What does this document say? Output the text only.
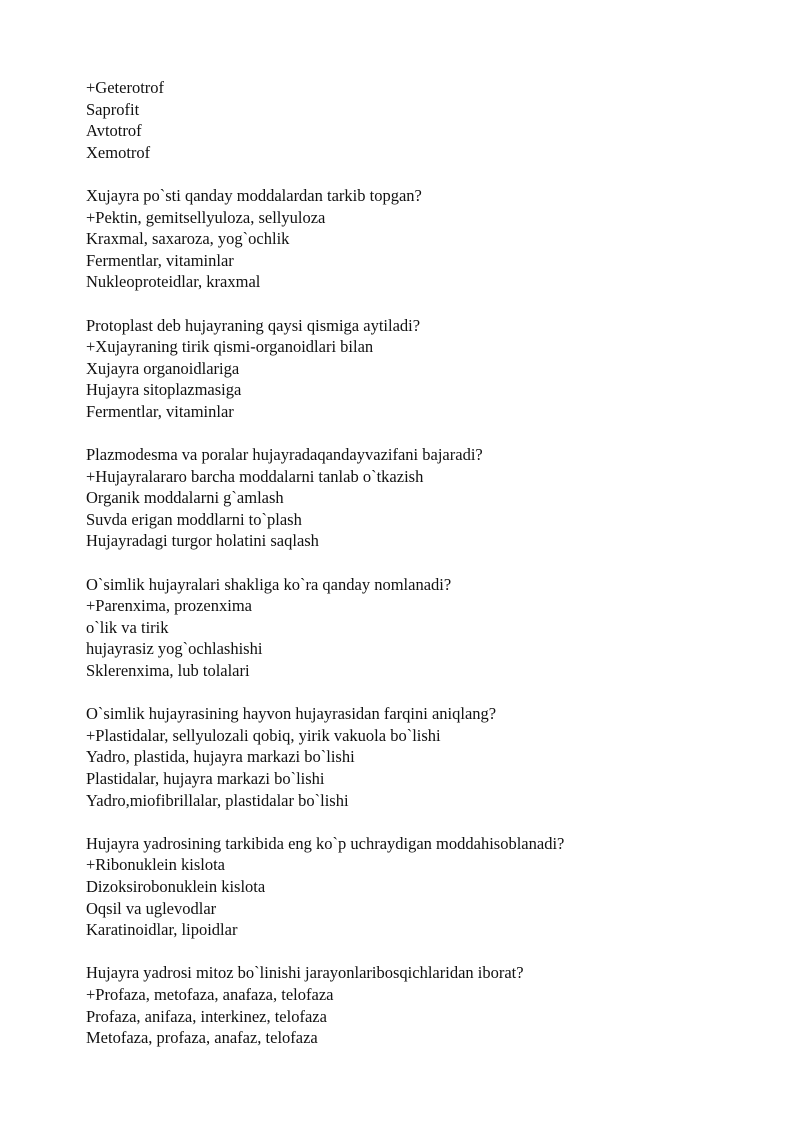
+Geterotrof
Saprofit
Avtotrof
Xemotrof
Xujayra po`sti qanday moddalardan tarkib topgan?
+Pektin, gemitsellyuloza, sellyuloza
Kraxmal, saxaroza, yog`ochlik
Fermentlar, vitaminlar
Nukleoproteidlar, kraxmal
Protoplast deb hujayraning qaysi qismiga aytiladi?
+Xujayraning tirik qismi-organoidlari bilan
Xujayra organoidlariga
Hujayra sitoplazmasiga
Fermentlar, vitaminlar
Plazmodesma va poralar hujayradaqandayvazifani bajaradi?
+Hujayralararo barcha moddalarni tanlab o`tkazish
Organik moddalarni g`amlash
Suvda erigan moddlarni to`plash
Hujayradagi turgor holatini saqlash
O`simlik hujayralari shakliga ko`ra qanday nomlanadi?
+Parenxima, prozenxima
o`lik va tirik
hujayrasiz yog`ochlashishi
Sklerenxima, lub tolalari
O`simlik hujayrasining hayvon hujayrasidan farqini aniqlang?
+Plastidalar, sellyulozali qobiq, yirik vakuola bo`lishi
Yadro, plastida, hujayra markazi bo`lishi
Plastidalar, hujayra markazi bo`lishi
Yadro,miofibrillalar, plastidalar bo`lishi
Hujayra yadrosining tarkibida eng ko`p uchraydigan moddahisoblanadi?
+Ribonuklein kislota
Dizoksirobonuklein kislota
Oqsil va uglevodlar
Karatinoidlar, lipoidlar
Hujayra yadrosi mitoz bo`linishi jarayonlaribosqichlaridan iborat?
+Profaza, metofaza, anafaza, telofaza
Profaza, anifaza, interkinez, telofaza
Metofaza, profaza, anafaz, telofaza
